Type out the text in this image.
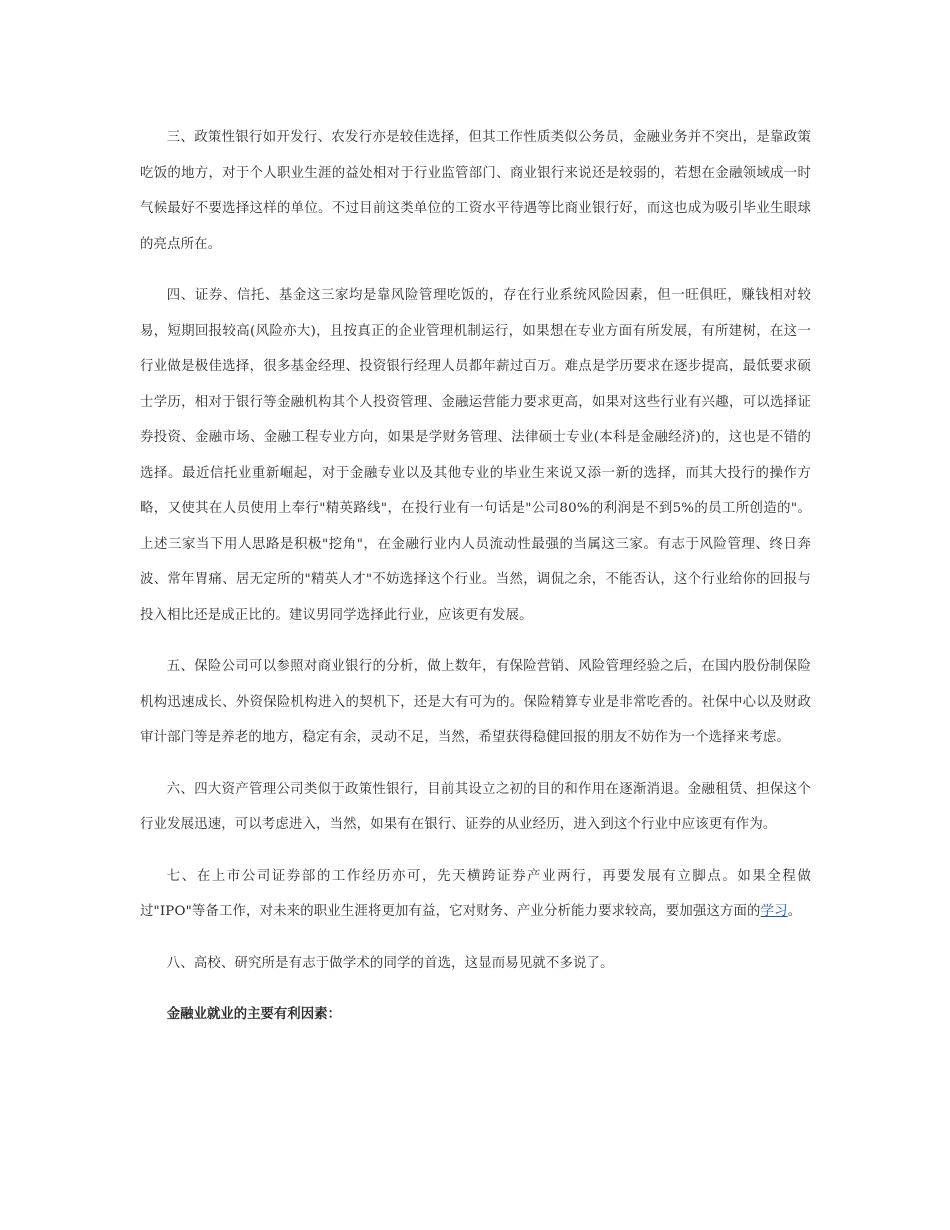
三、政策性银行如开发行、农发行亦是较佳选择，但其工作性质类似公务员，金融业务并不突出，是靠政策吃饭的地方，对于个人职业生涯的益处相对于行业监管部门、商业银行来说还是较弱的，若想在金融领域成一时气候最好不要选择这样的单位。不过目前这类单位的工资水平待遇等比商业银行好，而这也成为吸引毕业生眼球的亮点所在。

四、证券、信托、基金这三家均是靠风险管理吃饭的，存在行业系统风险因素，但一旺俱旺，赚钱相对较易，短期回报较高(风险亦大)，且按真正的企业管理机制运行，如果想在专业方面有所发展，有所建树，在这一行业做是极佳选择，很多基金经理、投资银行经理人员都年薪过百万。难点是学历要求在逐步提高，最低要求硕士学历，相对于银行等金融机构其个人投资管理、金融运营能力要求更高，如果对这些行业有兴趣，可以选择证券投资、金融市场、金融工程专业方向，如果是学财务管理、法律硕士专业(本科是金融经济)的，这也是不错的选择。最近信托业重新崛起，对于金融专业以及其他专业的毕业生来说又添一新的选择，而其大投行的操作方略，又使其在人员使用上奉行"精英路线"，在投行业有一句话是"公司80%的利润是不到5%的员工所创造的"。上述三家当下用人思路是积极"挖角"，在金融行业内人员流动性最强的当属这三家。有志于风险管理、终日奔波、常年胃痛、居无定所的"精英人才"不妨选择这个行业。当然，调侃之余，不能否认，这个行业给你的回报与投入相比还是成正比的。建议男同学选择此行业，应该更有发展。

五、保险公司可以参照对商业银行的分析，做上数年，有保险营销、风险管理经验之后，在国内股份制保险机构迅速成长、外资保险机构进入的契机下，还是大有可为的。保险精算专业是非常吃香的。社保中心以及财政审计部门等是养老的地方，稳定有余，灵动不足，当然，希望获得稳健回报的朋友不妨作为一个选择来考虑。

六、四大资产管理公司类似于政策性银行，目前其设立之初的目的和作用在逐渐消退。金融租赁、担保这个行业发展迅速，可以考虑进入，当然，如果有在银行、证券的从业经历，进入到这个行业中应该更有作为。

七、在上市公司证券部的工作经历亦可，先天横跨证券产业两行，再要发展有立脚点。如果全程做过"IPO"等备工作，对未来的职业生涯将更加有益，它对财务、产业分析能力要求较高，要加强这方面的学习。

八、高校、研究所是有志于做学术的同学的首选，这显而易见就不多说了。

金融业就业的主要有利因素：
